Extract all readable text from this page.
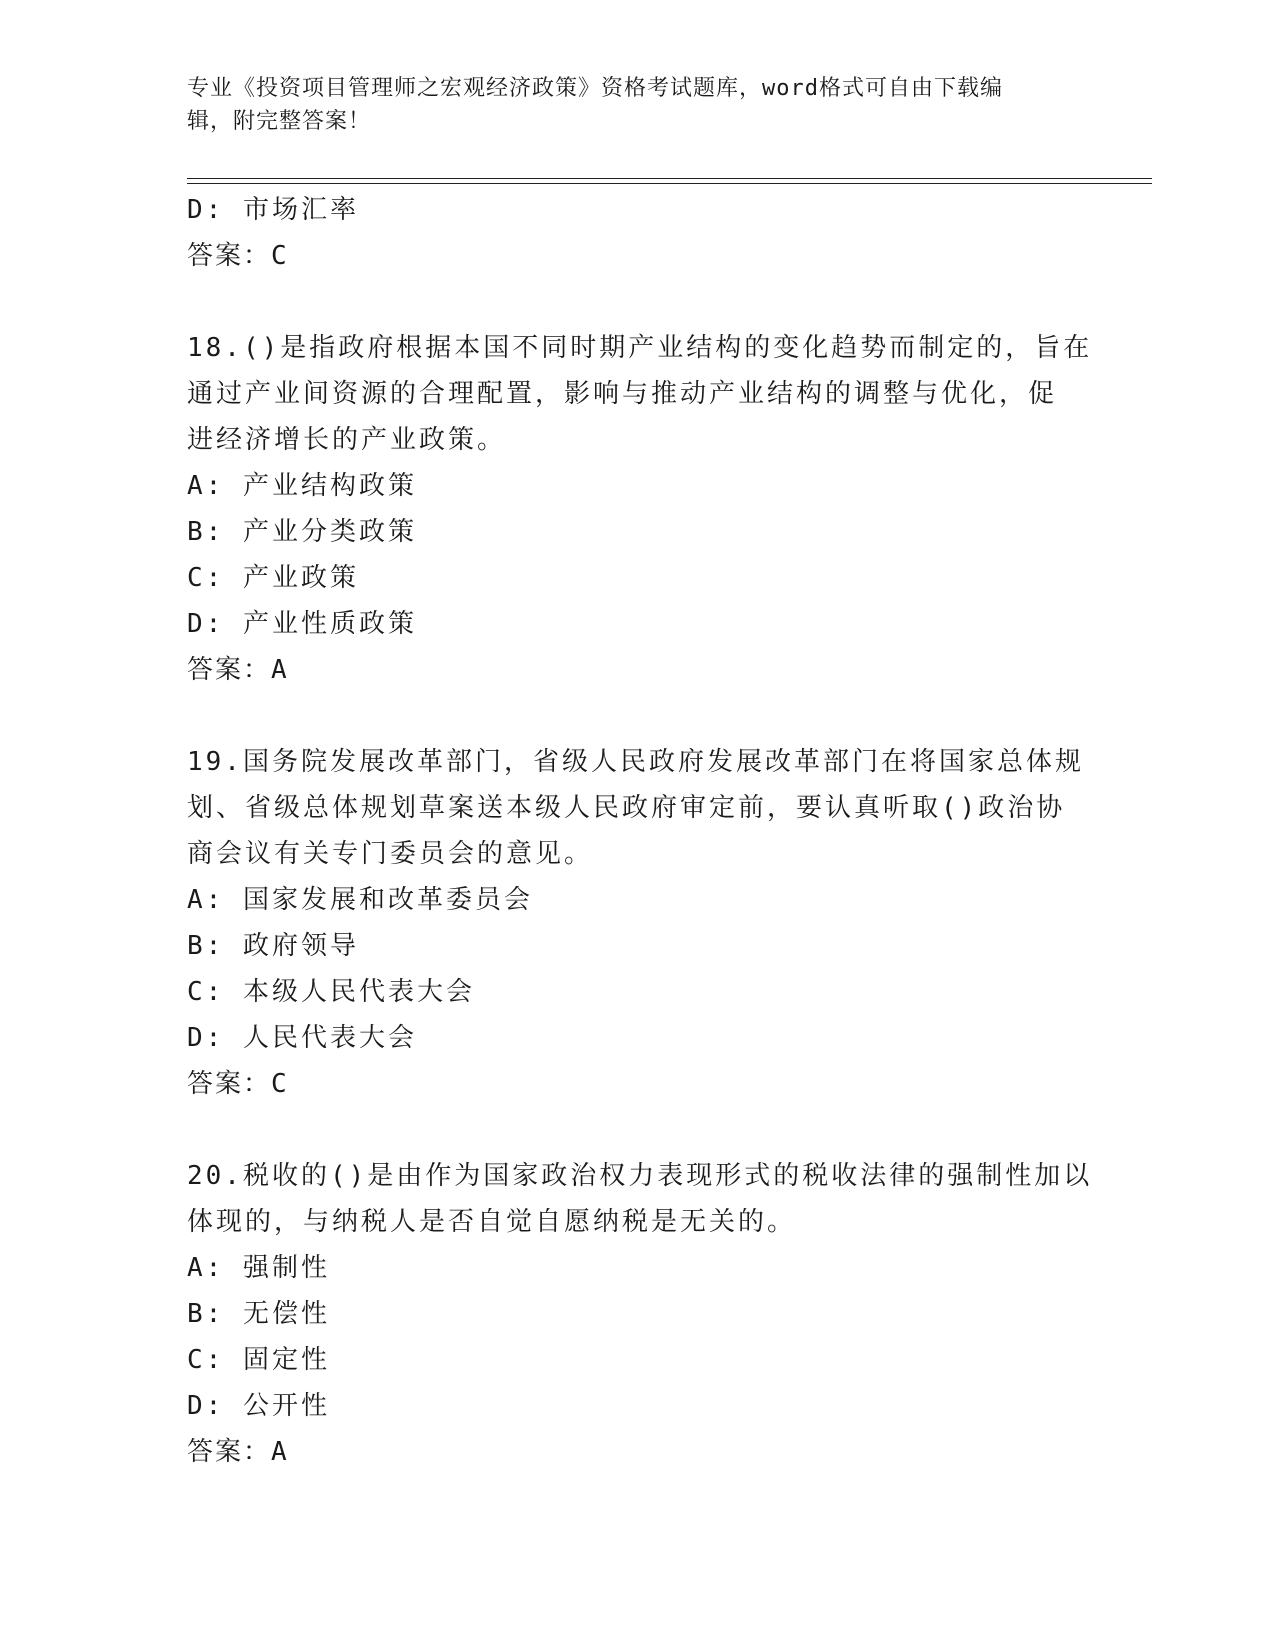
专业《投资项目管理师之宏观经济政策》资格考试题库，word格式可自由下载编
辑，附完整答案！
D: 市场汇率
答案：C
18.()是指政府根据本国不同时期产业结构的变化趋势而制定的，旨在
通过产业间资源的合理配置，影响与推动产业结构的调整与优化，促
进经济增长的产业政策。
A: 产业结构政策
B: 产业分类政策
C: 产业政策
D: 产业性质政策
答案：A
19.国务院发展改革部门，省级人民政府发展改革部门在将国家总体规
划、省级总体规划草案送本级人民政府审定前，要认真听取()政治协
商会议有关专门委员会的意见。
A: 国家发展和改革委员会
B: 政府领导
C: 本级人民代表大会
D: 人民代表大会
答案：C
20.税收的()是由作为国家政治权力表现形式的税收法律的强制性加以
体现的，与纳税人是否自觉自愿纳税是无关的。
A: 强制性
B: 无偿性
C: 固定性
D: 公开性
答案：A
